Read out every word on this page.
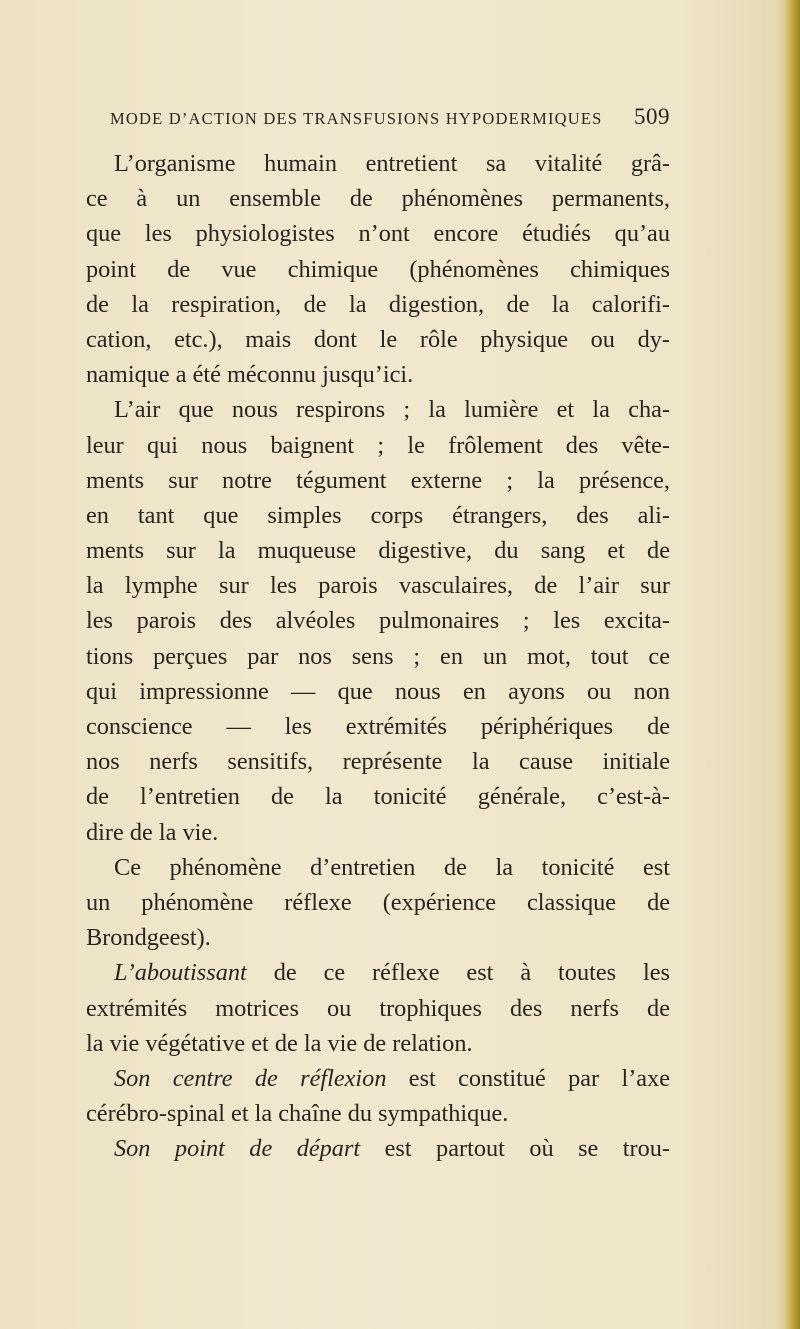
MODE D’ACTION DES TRANSFUSIONS HYPODERMIQUES 509
L’organisme humain entretient sa vitalité grâ-
ce à un ensemble de phénomènes permanents,
que les physiologistes n’ont encore étudiés qu’au
point de vue chimique (phénomènes chimiques
de la respiration, de la digestion, de la calorifi-
cation, etc.), mais dont le rôle physique ou dy-
namique a été méconnu jusqu’ici.
L’air que nous respirons ; la lumière et la cha-
leur qui nous baignent ; le frôlement des vête-
ments sur notre tégument externe ; la présence,
en tant que simples corps étrangers, des ali-
ments sur la muqueuse digestive, du sang et de
la lymphe sur les parois vasculaires, de l’air sur
les parois des alvéoles pulmonaires ; les excita-
tions perçues par nos sens ; en un mot, tout ce
qui impressionne — que nous en ayons ou non
conscience — les extrémités périphériques de
nos nerfs sensitifs, représente la cause initiale
de l’entretien de la tonicité générale, c’est-à-
dire de la vie.
Ce phénomène d’entretien de la tonicité est
un phénomène réflexe (expérience classique de
Brondgeest).
L’aboutissant de ce réflexe est à toutes les
extrémités motrices ou trophiques des nerfs de
la vie végétative et de la vie de relation.
Son centre de réflexion est constitué par l’axe
cérébro-spinal et la chaîne du sympathique.
Son point de départ est partout où se trou-
